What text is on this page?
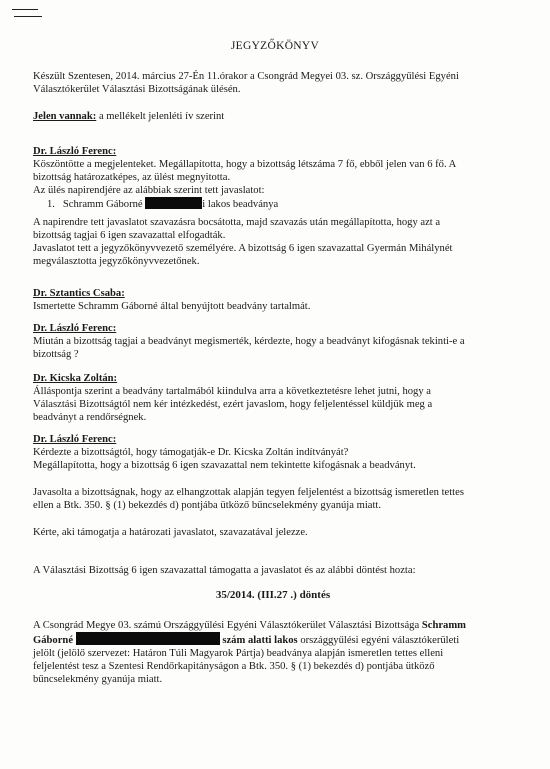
JEGYZŐKÖNYV

Készült Szentesen, 2014. március 27-Én 11.órakor a Csongrád Megyei 03. sz. Országgyűlési Egyéni

Választókerület Választási Bizottságának ülésén.

Jelen vannak: a mellékelt jelenléti ív szerint

Dr. László Ferenc:

Köszöntötte a megjelenteket. Megállapította, hogy a bizottság létszáma 7 fő, ebből jelen van 6 fő. A

bizottság határozatképes, az ülést megnyitotta.

Az ülés napirendjére az alábbiak szerint tett javaslatot:

1. Schramm Gáborné	i lakos beadványa

A napirendre tett javaslatot szavazásra bocsátotta, majd szavazás után megállapította, hogy azt a

bizottság tagjai 6 igen szavazattal elfogadták.

Javaslatot tett a jegyzőkönyvvezető személyére. A bizottság 6 igen szavazattal Gyermán Mihálynét

megválasztotta jegyzőkönyvvezetőnek.

Dr. Sztantics Csaba:

Ismertette Schramm Gáborné által benyújtott beadvány tartalmát.

Dr. László Ferenc:

Miután a bizottság tagjai a beadványt megismerték, kérdezte, hogy a beadványt kifogásnak tekinti-e a

bizottság ?

Dr. Kicska Zoltán:

Álláspontja szerint a beadvány tartalmából kiindulva arra a következtetésre lehet jutni, hogy a

Választási Bizottságtól nem kér intézkedést, ezért javaslom, hogy feljelentéssel küldjük meg a

beadványt a rendőrségnek.

Dr. László Ferenc:

Kérdezte a bizottságtól, hogy támogatják-e Dr. Kicska Zoltán indítványát?

Megállapította, hogy a bizottság 6 igen szavazattal nem tekintette kifogásnak a beadványt.

Javasolta a bizottságnak, hogy az elhangzottak alapján tegyen feljelentést a bizottság ismeretlen tettes

ellen a Btk. 350. § (1) bekezdés d) pontjába ütköző bűncselekmény gyanúja miatt.

Kérte, aki támogatja a határozati javaslatot, szavazatával jelezze.

A Választási Bizottság 6 igen szavazattal támogatta a javaslatot és az alábbi döntést hozta:
35/2014. (III.27 .) döntés

A Csongrád Megye 03. számú Országgyűlési Egyéni Választókerület Választási Bizottsága Schramm

Gáborné	szám alatti lakos országgyűlési egyéni választókerületi

jelölt (jelölő szervezet: Határon Túli Magyarok Pártja) beadványa alapján ismeretlen tettes elleni

feljelentést tesz a Szentesi Rendőrkapitányságon a Btk. 350. § (1) bekezdés d) pontjába ütköző

bűncselekmény gyanúja miatt.
